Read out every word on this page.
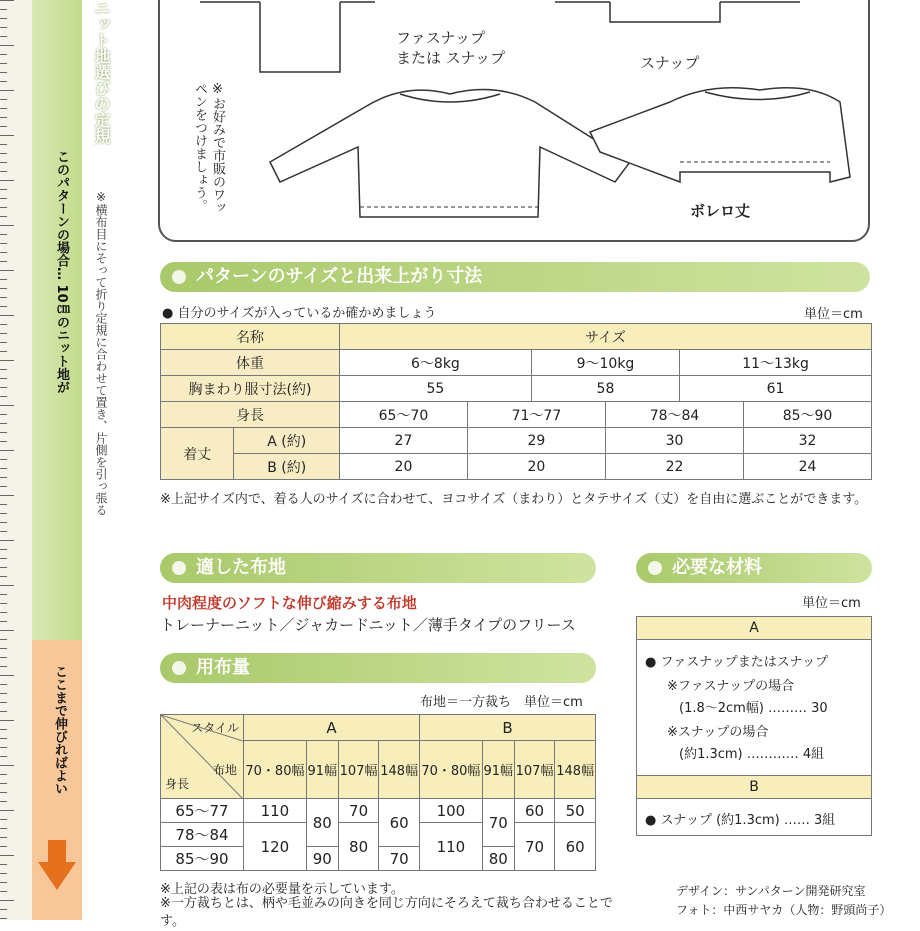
ニット地選びの定規
このパターンの場合… 10㎝のニット地が ※横布目にそって折り定規に合わせて置き、片側を引っ張る
ここまで伸びればよい
ファスナップ
または スナップ	スナップ
※お好みで市販のワッペンをつけましょう。	ボレロ丈
パターンのサイズと出来上がり寸法
● 自分のサイズが入っているか確かめましょう	単位＝cm
名称		サイズ					
体重		6〜8kg		9〜10kg		11〜13kg	
胸まわり服寸法(約)		55		58		61	
身長		65〜70	71〜77		78〜84		85〜90
着丈	A (約)	27	29		30		32
	B (約)	20	20		22		24
※上記サイズ内で、着る人のサイズに合わせて、ヨコサイズ（まわり）とタテサイズ（丈）を自由に選ぶことができます。
適した布地
中肉程度のソフトな伸び縮みする布地
トレーナーニット／ジャカードニット／薄手タイプのフリース
用布量
布地＝一方裁ち　単位＝cm
スタイル
布地
身長	A				B			
	70・80幅	91幅	107幅	148幅	70・80幅	91幅	107幅	148幅
65〜77	110	80	70	60	100	70	60	50
78〜84	120		80		110		70	60
85〜90		90		70		80		
※上記の表は布の必要量を示しています。
※一方裁ちとは、柄や毛並みの向きを同じ方向にそろえて裁ち合わせることです。
必要な材料
単位＝cm
A
● ファスナップまたはスナップ
※ファスナップの場合
(1.8〜2cm幅) ……… 30
※スナップの場合
(約1.3cm) ………… 4組
B
● スナップ (約1.3cm) …… 3組
デザイン：サンパターン開発研究室
フォト：中西サヤカ（人物：野頭尚子）
